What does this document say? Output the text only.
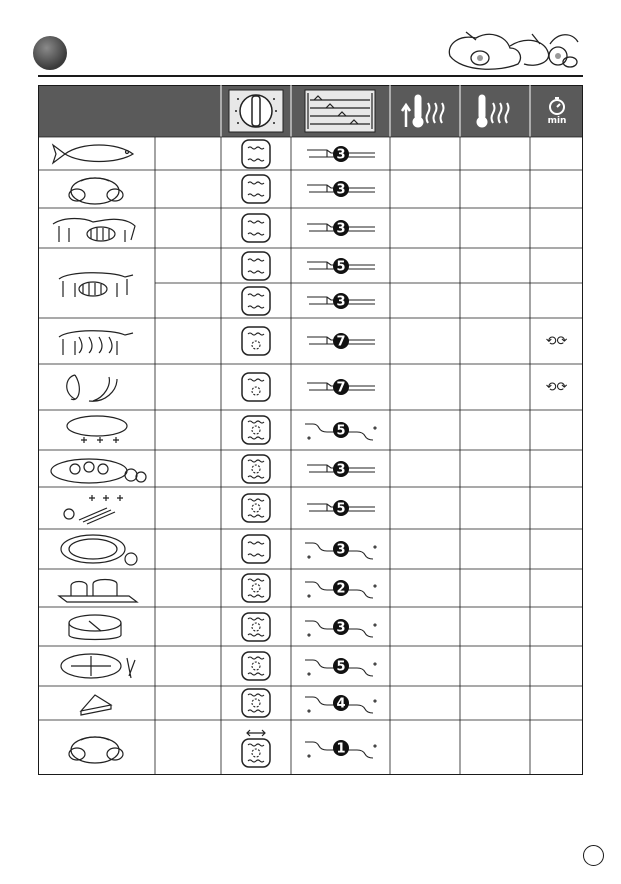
min
3
3
3
5
3
7	⟲⟳
7	⟲⟳
5
3
5
3
2
3
5
4
1
